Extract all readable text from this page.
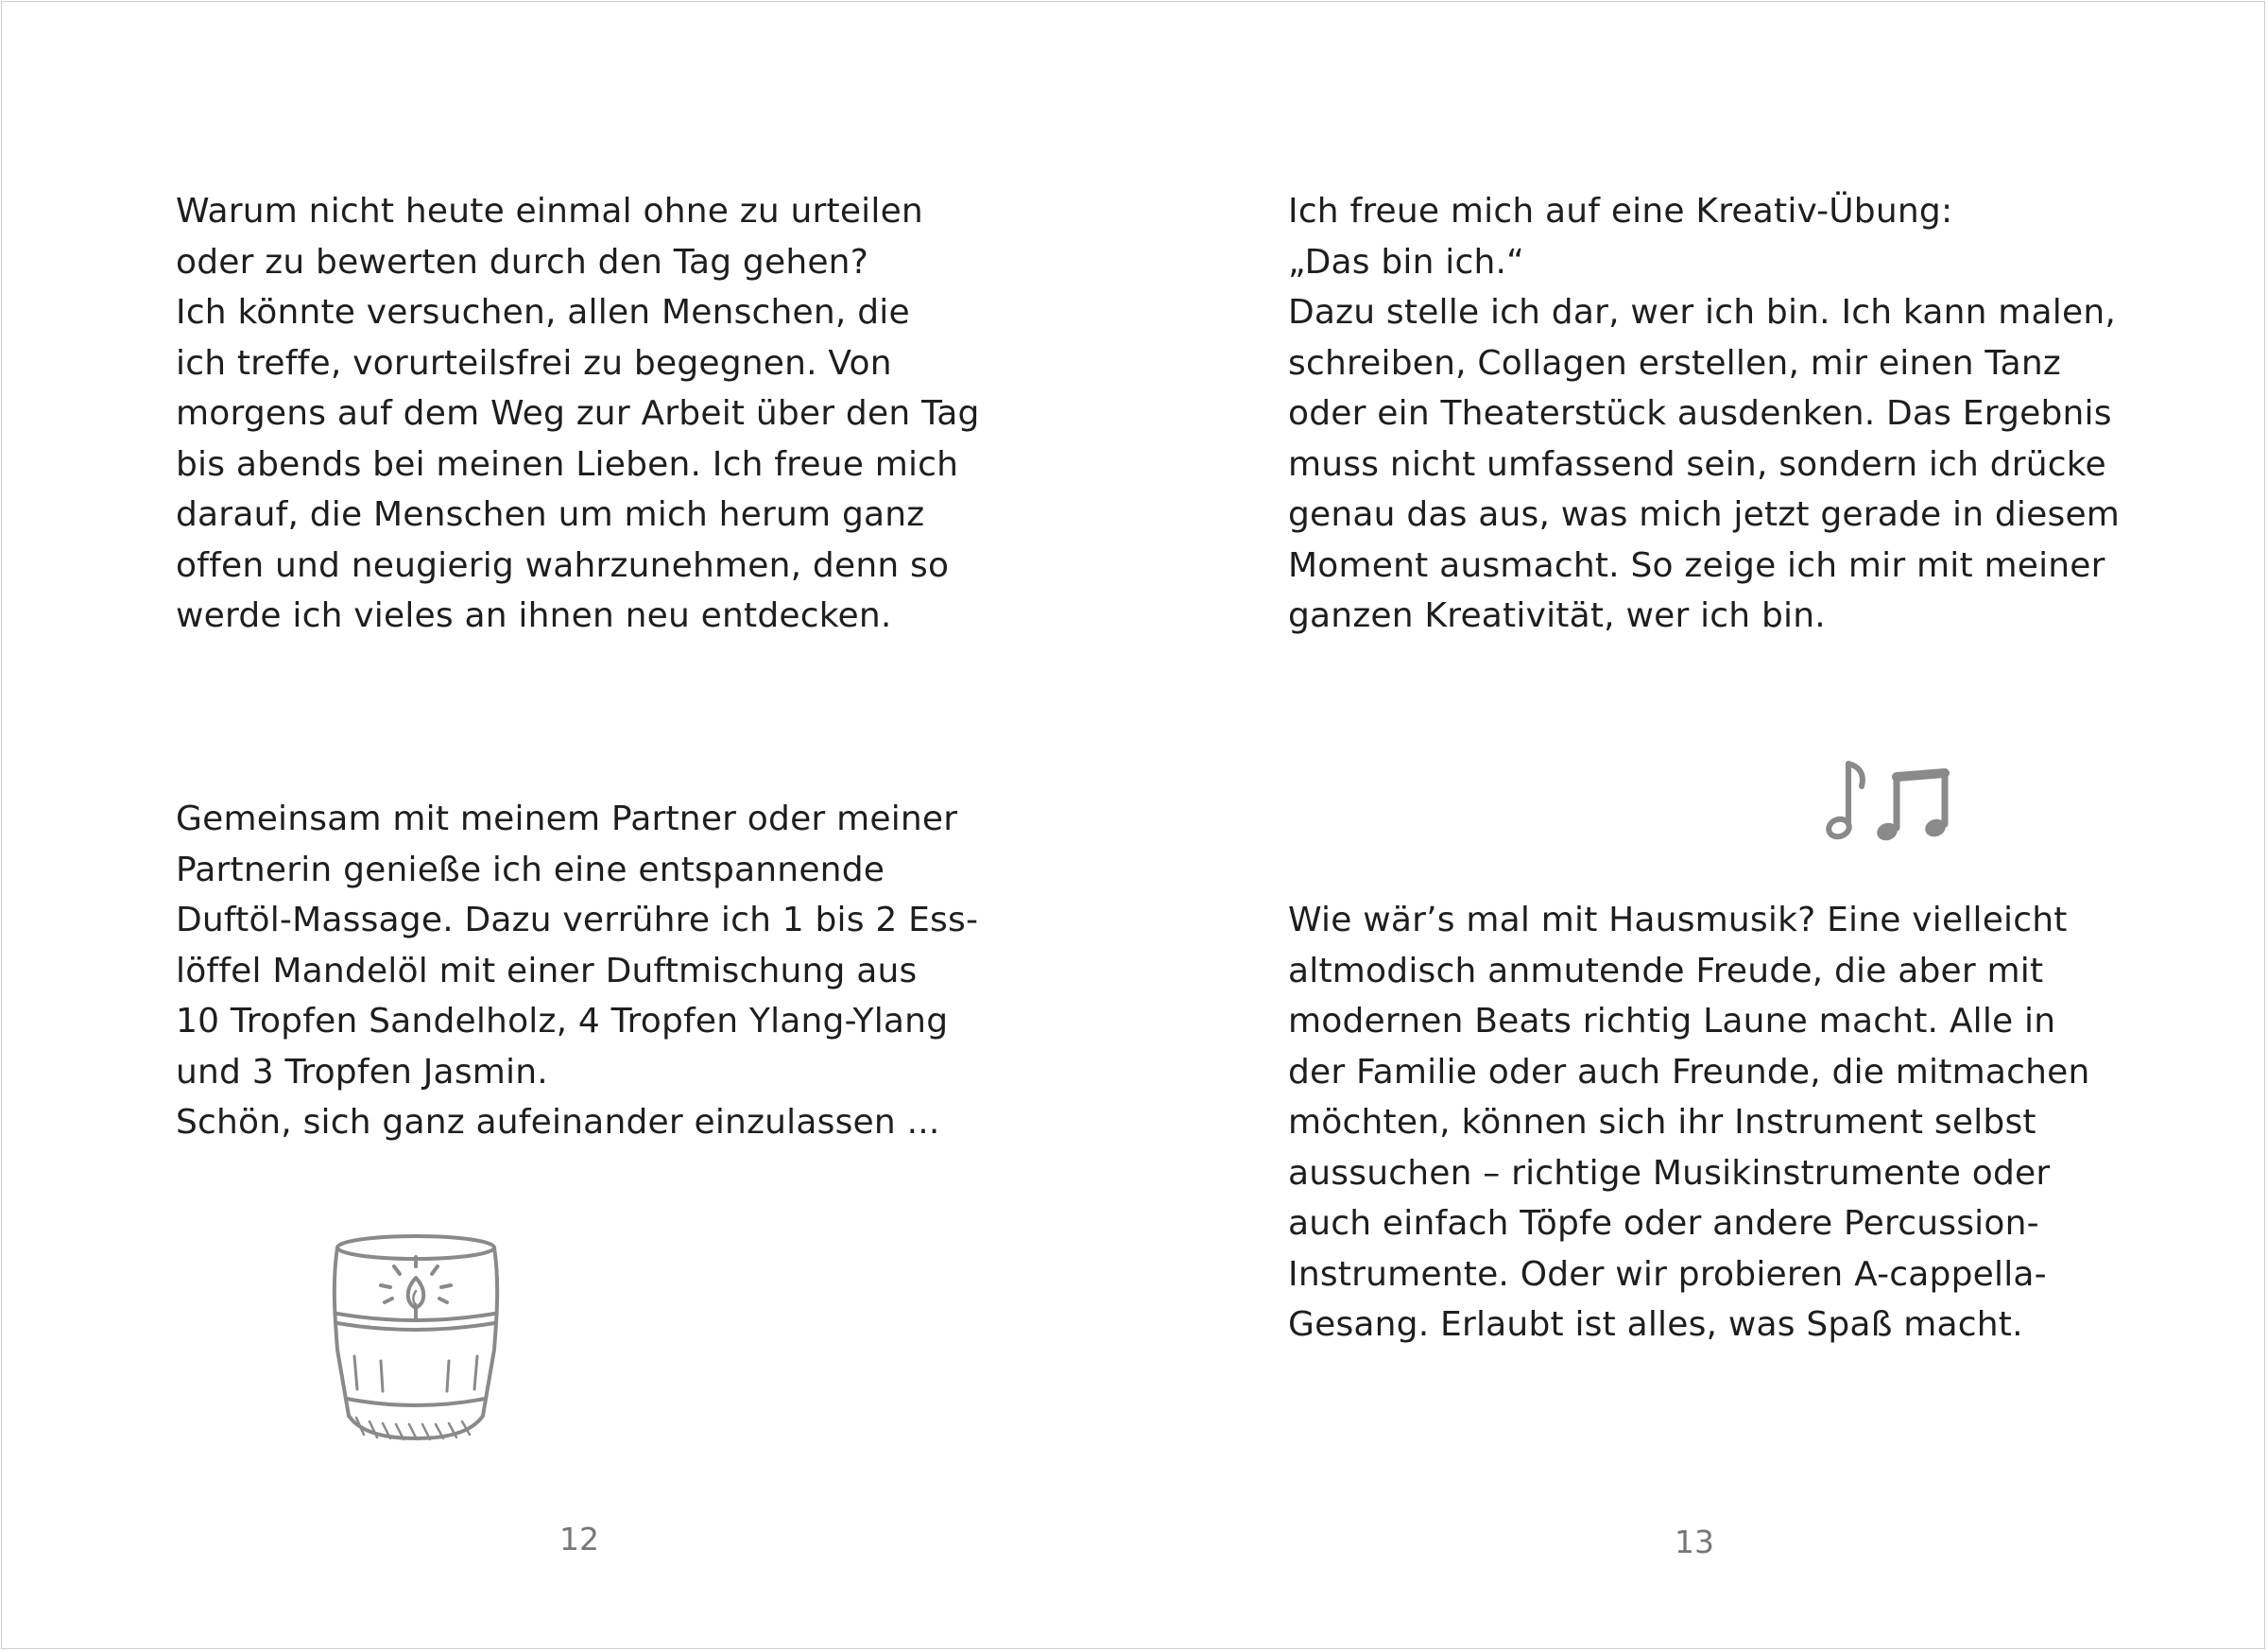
Warum nicht heute einmal ohne zu urteilen
oder zu bewerten durch den Tag gehen?
Ich könnte versuchen, allen Menschen, die
ich treffe, vorurteilsfrei zu begegnen. Von
morgens auf dem Weg zur Arbeit über den Tag
bis abends bei meinen Lieben. Ich freue mich
darauf, die Menschen um mich herum ganz
offen und neugierig wahrzunehmen, denn so
werde ich vieles an ihnen neu entdecken.
Gemeinsam mit meinem Partner oder meiner
Partnerin genieße ich eine entspannende
Duftöl-Massage. Dazu verrühre ich 1 bis 2 Ess-
löffel Mandelöl mit einer Duftmischung aus
10 Tropfen Sandelholz, 4 Tropfen Ylang-Ylang
und 3 Tropfen Jasmin.
Schön, sich ganz aufeinander einzulassen ...
12
Ich freue mich auf eine Kreativ-Übung:
„Das bin ich.“
Dazu stelle ich dar, wer ich bin. Ich kann malen,
schreiben, Collagen erstellen, mir einen Tanz
oder ein Theaterstück ausdenken. Das Ergebnis
muss nicht umfassend sein, sondern ich drücke
genau das aus, was mich jetzt gerade in diesem
Moment ausmacht. So zeige ich mir mit meiner
ganzen Kreativität, wer ich bin.
Wie wär’s mal mit Hausmusik? Eine vielleicht
altmodisch anmutende Freude, die aber mit
modernen Beats richtig Laune macht. Alle in
der Familie oder auch Freunde, die mitmachen
möchten, können sich ihr Instrument selbst
aussuchen – richtige Musikinstrumente oder
auch einfach Töpfe oder andere Percussion-
Instrumente. Oder wir probieren A-cappella-
Gesang. Erlaubt ist alles, was Spaß macht.
13
